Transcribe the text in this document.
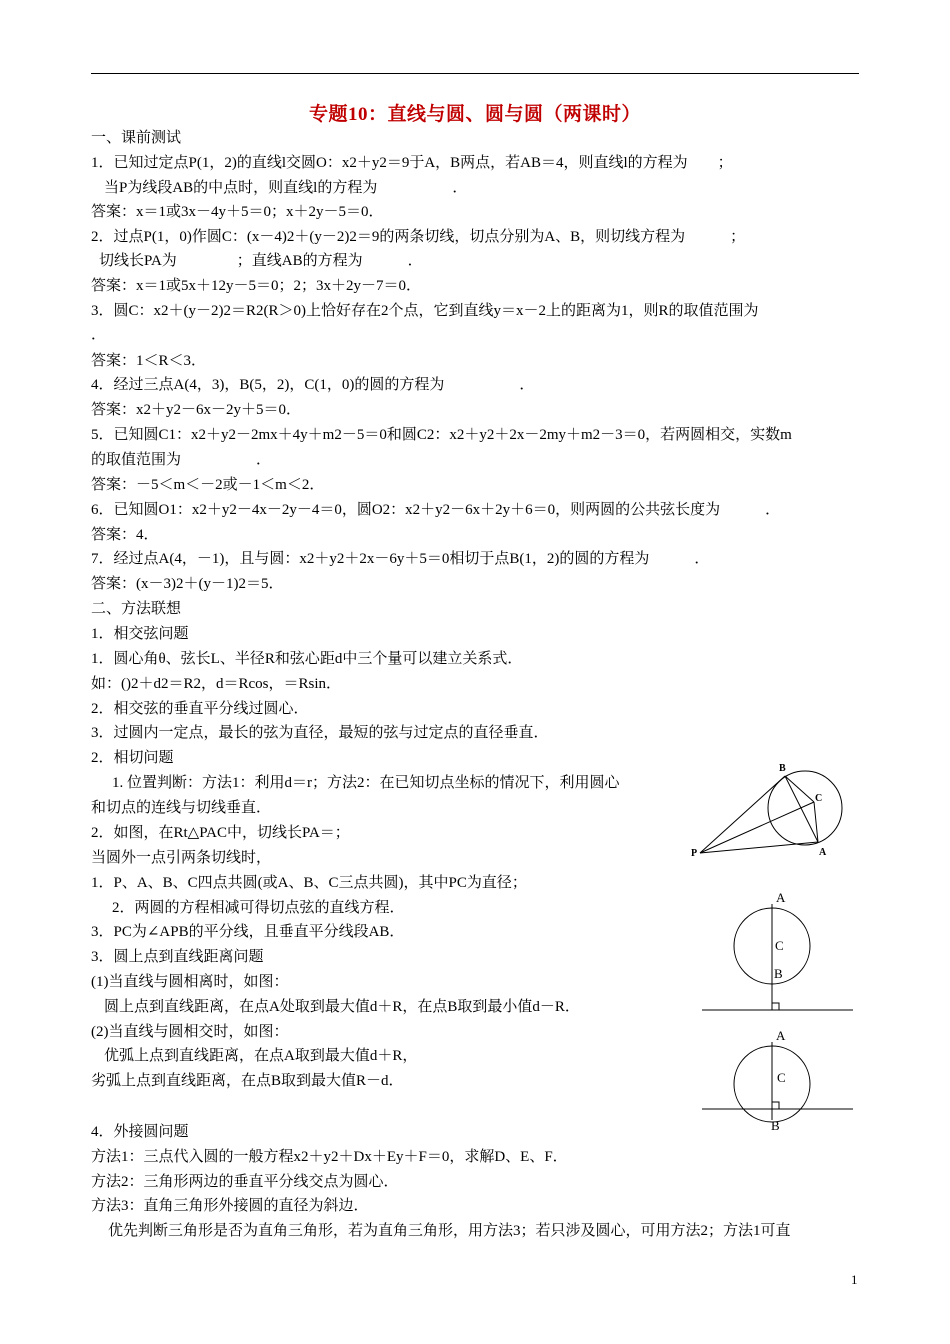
专题10：直线与圆、圆与圆（两课时）
一、课前测试
1．已知过定点P(1，2)的直线l交圆O：x2＋y2＝9于A，B两点，若AB＝4，则直线l的方程为　　；
当P为线段AB的中点时，则直线l的方程为　　　　　．
答案：x＝1或3x－4y＋5＝0；x＋2y－5＝0．
2．过点P(1，0)作圆C：(x－4)2＋(y－2)2＝9的两条切线，切点分别为A、B，则切线方程为　　　；
切线长PA为　　　　；直线AB的方程为　　　．
答案：x＝1或5x＋12y－5＝0；2；3x＋2y－7＝0．
3．圆C：x2＋(y－2)2＝R2(R＞0)上恰好存在2个点，它到直线y＝x－2上的距离为1，则R的取值范围为
．
答案：1＜R＜3．
4．经过三点A(4，3)，B(5，2)，C(1，0)的圆的方程为　　　　　．
答案：x2＋y2－6x－2y＋5＝0．
5．已知圆C1：x2＋y2－2mx＋4y＋m2－5＝0和圆C2：x2＋y2＋2x－2my＋m2－3＝0，若两圆相交，实数m
的取值范围为　　　　　．
答案：－5＜m＜－2或－1＜m＜2．
6．已知圆O1：x2＋y2－4x－2y－4＝0，圆O2：x2＋y2－6x＋2y＋6＝0，则两圆的公共弦长度为　　　．
答案：4．
7．经过点A(4，－1)，且与圆：x2＋y2＋2x－6y＋5＝0相切于点B(1，2)的圆的方程为　　　．
答案：(x－3)2＋(y－1)2＝5．
二、方法联想
1．相交弦问题
1．圆心角θ、弦长L、半径R和弦心距d中三个量可以建立关系式．
如：()2＋d2＝R2，d＝Rcos，＝Rsin．
2．相交弦的垂直平分线过圆心．
3．过圆内一定点，最长的弦为直径，最短的弦与过定点的直径垂直．
2．相切问题
1. 位置判断：方法1：利用d＝r；方法2：在已知切点坐标的情况下，利用圆心
和切点的连线与切线垂直．
2．如图，在Rt△PAC中，切线长PA＝；
当圆外一点引两条切线时，
1．P、A、B、C四点共圆(或A、B、C三点共圆)，其中PC为直径；
2．两圆的方程相减可得切点弦的直线方程．
3．PC为∠APB的平分线，且垂直平分线段AB．
3．圆上点到直线距离问题
(1)当直线与圆相离时，如图：
圆上点到直线距离，在点A处取到最大值d＋R，在点B取到最小值d－R．
(2)当直线与圆相交时，如图：
优弧上点到直线距离，在点A取到最大值d＋R，
劣弧上点到直线距离，在点B取到最大值R－d．
4．外接圆问题
方法1：三点代入圆的一般方程x2＋y2＋Dx＋Ey＋F＝0，求解D、E、F．
方法2：三角形两边的垂直平分线交点为圆心．
方法3：直角三角形外接圆的直径为斜边．
优先判断三角形是否为直角三角形，若为直角三角形，用方法3；若只涉及圆心，可用方法2；方法1可直
B
C
P	A
A
C
B
A
C
B
1
